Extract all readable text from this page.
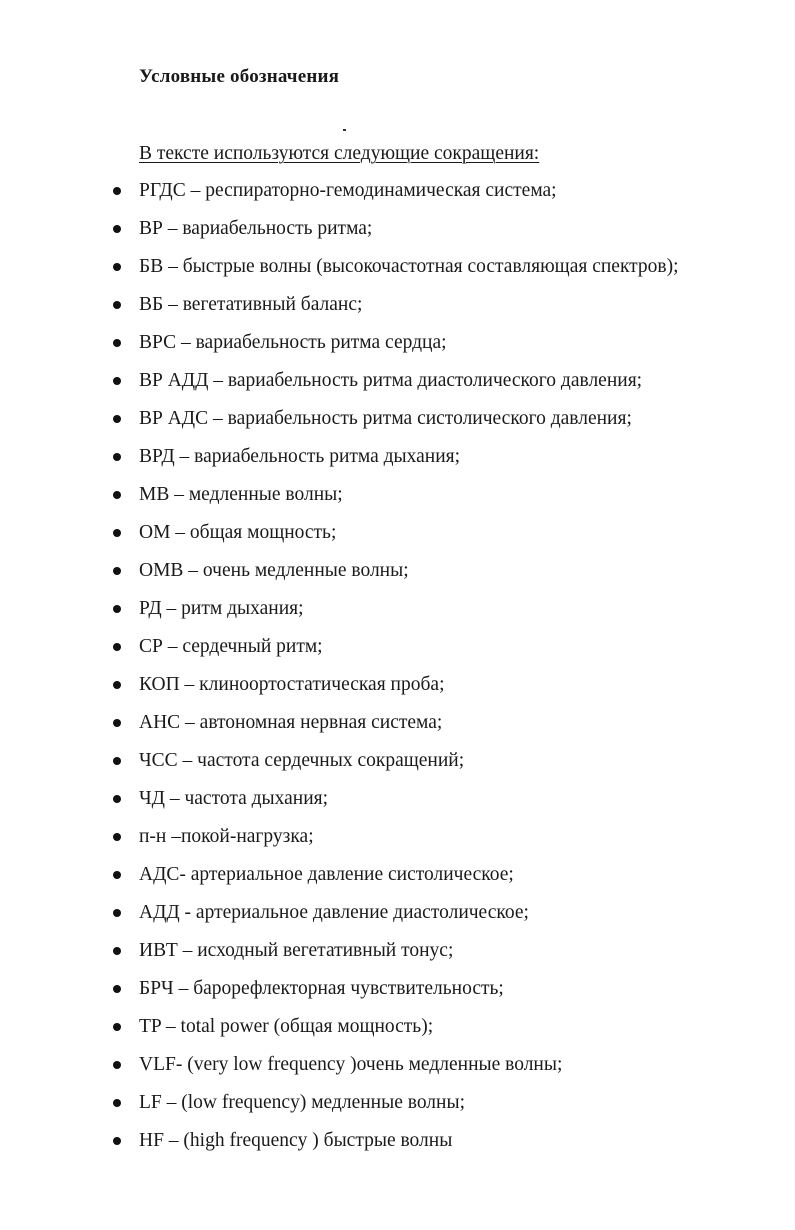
Условные обозначения
В тексте используются следующие сокращения:
РГДС – респираторно-гемодинамическая система;
ВР – вариабельность ритма;
БВ – быстрые волны (высокочастотная составляющая спектров);
ВБ – вегетативный баланс;
ВРС – вариабельность ритма сердца;
ВР АДД – вариабельность ритма диастолического давления;
ВР АДС – вариабельность ритма систолического давления;
ВРД – вариабельность ритма дыхания;
МВ – медленные волны;
ОМ – общая мощность;
ОМВ – очень медленные волны;
РД – ритм дыхания;
СР – сердечный ритм;
КОП – клиноортостатическая проба;
АНС – автономная нервная система;
ЧСС – частота сердечных сокращений;
ЧД – частота дыхания;
п-н –покой-нагрузка;
АДС- артериальное давление систолическое;
АДД - артериальное давление диастолическое;
ИВТ – исходный вегетативный тонус;
БРЧ – барорефлекторная чувствительность;
TP – total power (общая мощность);
VLF- (very low frequency )очень медленные волны;
LF – (low frequency) медленные волны;
HF – (high frequency ) быстрые волны
